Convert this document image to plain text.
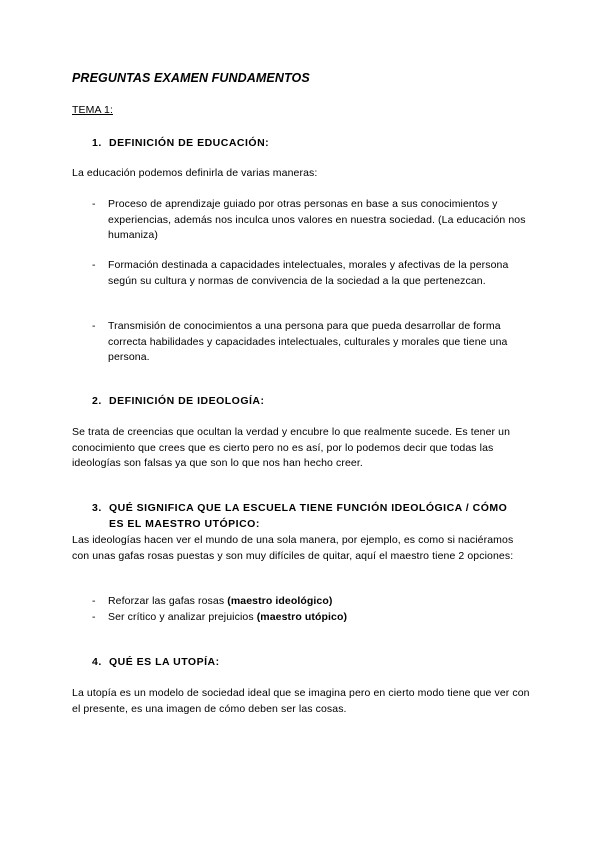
PREGUNTAS EXAMEN FUNDAMENTOS
TEMA 1:
1. DEFINICIÓN DE EDUCACIÓN:
La educación podemos definirla de varias maneras:
- Proceso de aprendizaje guiado por otras personas en base a sus conocimientos y experiencias, además nos inculca unos valores en nuestra sociedad. (La educación nos humaniza)
- Formación destinada a capacidades intelectuales, morales y afectivas de la persona según su cultura y normas de convivencia de la sociedad a la que pertenezcan.
- Transmisión de conocimientos a una persona para que pueda desarrollar de forma correcta habilidades y capacidades intelectuales, culturales y morales que tiene una persona.
2. DEFINICIÓN DE IDEOLOGÍA:
Se trata de creencias que ocultan la verdad y encubre lo que realmente sucede. Es tener un conocimiento que crees que es cierto pero no es así, por lo podemos decir que todas las ideologías son falsas ya que son lo que nos han hecho creer.
3. QUÉ SIGNIFICA QUE LA ESCUELA TIENE FUNCIÓN IDEOLÓGICA / CÓMO
ES EL MAESTRO UTÓPICO:
Las ideologías hacen ver el mundo de una sola manera, por ejemplo, es como si naciéramos con unas gafas rosas puestas y son muy difíciles de quitar, aquí el maestro tiene 2 opciones:
- Reforzar las gafas rosas (maestro ideológico)
- Ser crítico y analizar prejuicios (maestro utópico)
4. QUÉ ES LA UTOPÍA:
La utopía es un modelo de sociedad ideal que se imagina pero en cierto modo tiene que ver con el presente, es una imagen de cómo deben ser las cosas.
